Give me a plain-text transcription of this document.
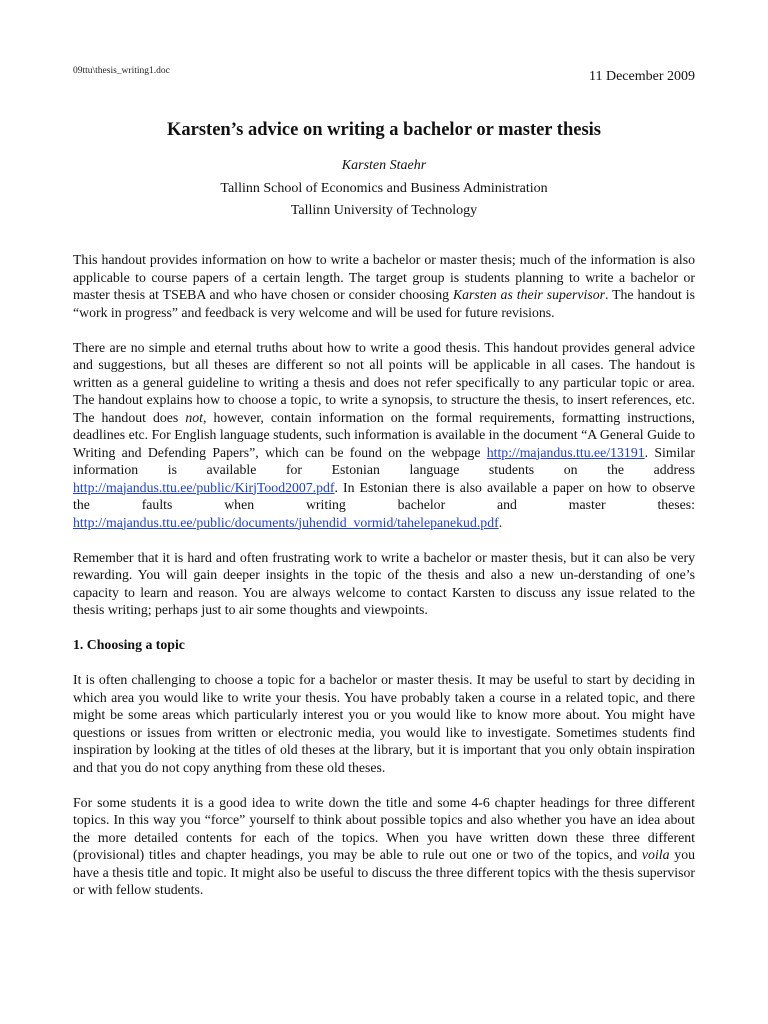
09ttu\thesis_writing1.doc	11 December 2009
Karsten’s advice on writing a bachelor or master thesis
Karsten Staehr
Tallinn School of Economics and Business Administration
Tallinn University of Technology

This handout provides information on how to write a bachelor or master thesis; much of the information is also applicable to course papers of a certain length. The target group is students planning to write a bachelor or master thesis at TSEBA and who have chosen or consider choosing Karsten as their supervisor. The handout is “work in progress” and feedback is very welcome and will be used for future revisions.

There are no simple and eternal truths about how to write a good thesis. This handout provides general advice and suggestions, but all theses are different so not all points will be applicable in all cases. The handout is written as a general guideline to writing a thesis and does not refer specifically to any particular topic or area. The handout explains how to choose a topic, to write a synopsis, to structure the thesis, to insert references, etc. The handout does not, however, contain information on the formal requirements, formatting instructions, deadlines etc. For English language students, such information is available in the document “A General Guide to Writing and Defending Papers”, which can be found on the webpage http://majandus.ttu.ee/13191. Similar information is available for Estonian language students on the address http://majandus.ttu.ee/public/KirjTood2007.pdf. In Estonian there is also available a paper on how to observe the faults when writing bachelor and master theses: http://majandus.ttu.ee/public/documents/juhendid_vormid/tahelepanekud.pdf.

Remember that it is hard and often frustrating work to write a bachelor or master thesis, but it can also be very rewarding. You will gain deeper insights in the topic of the thesis and also a new un-derstanding of one’s capacity to learn and reason. You are always welcome to contact Karsten to discuss any issue related to the thesis writing; perhaps just to air some thoughts and viewpoints.

1. Choosing a topic

It is often challenging to choose a topic for a bachelor or master thesis. It may be useful to start by deciding in which area you would like to write your thesis. You have probably taken a course in a related topic, and there might be some areas which particularly interest you or you would like to know more about. You might have questions or issues from written or electronic media, you would like to investigate. Sometimes students find inspiration by looking at the titles of old theses at the library, but it is important that you only obtain inspiration and that you do not copy anything from these old theses.

For some students it is a good idea to write down the title and some 4-6 chapter headings for three different topics. In this way you “force” yourself to think about possible topics and also whether you have an idea about the more detailed contents for each of the topics. When you have written down these three different (provisional) titles and chapter headings, you may be able to rule out one or two of the topics, and voila you have a thesis title and topic. It might also be useful to discuss the three different topics with the thesis supervisor or with fellow students.
